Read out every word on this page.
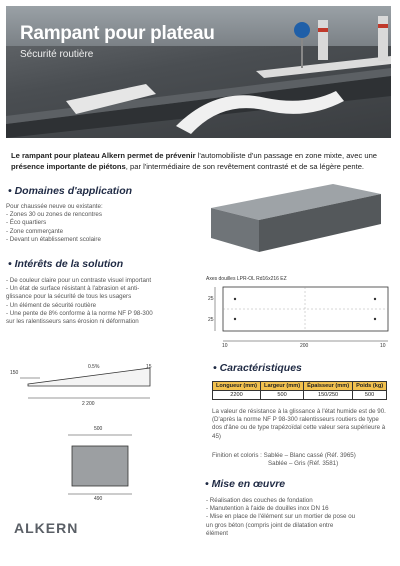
Rampant pour plateau
Sécurité routière
Le rampant pour plateau Alkern permet de prévenir l'automobiliste d'un passage en zone mixte, avec une présence importante de piétons, par l'intermédiaire de son revêtement contrasté et de sa légère pente.
• Domaines d'application
Pour chaussée neuve ou existante:
- Zones 30 ou zones de rencontres
- Éco quartiers
- Zone commerçante
- Devant un établissement scolaire
• Intérêts de la solution
- De couleur claire pour un contraste visuel important
- Un état de surface résistant à l'abrasion et anti-
glissance pour la sécurité de tous les usagers
- Un élément de sécurité routière
- Une pente de 8% conforme à la norme NF P 98-300
sur les ralentisseurs sans érosion ni déformation
Axes douilles LPR-OL Rd16x216 EZ
25
25
10	200	10
150
15
0.5%
2 200
500
490
• Caractéristiques
Longueur (mm)	Largeur (mm)	Épaisseur (mm)	Poids (kg)
2200	500	150/250	500
La valeur de résistance à la glissance à l'état humide est de 90. (D'après la norme NF P 98-300 ralentisseurs routiers de type dos d'âne ou de type trapézoïdal cette valeur sera supérieure à 45)
Finition et coloris : Sablée – Blanc cassé (Réf. 3965)
Sablée – Gris (Réf. 3581)
• Mise en œuvre
- Réalisation des couches de fondation
- Manutention à l'aide de douilles inox DN 16
- Mise en place de l'élément sur un mortier de pose ou
un gros béton (compris joint de dilatation entre
élément
ALKERN
